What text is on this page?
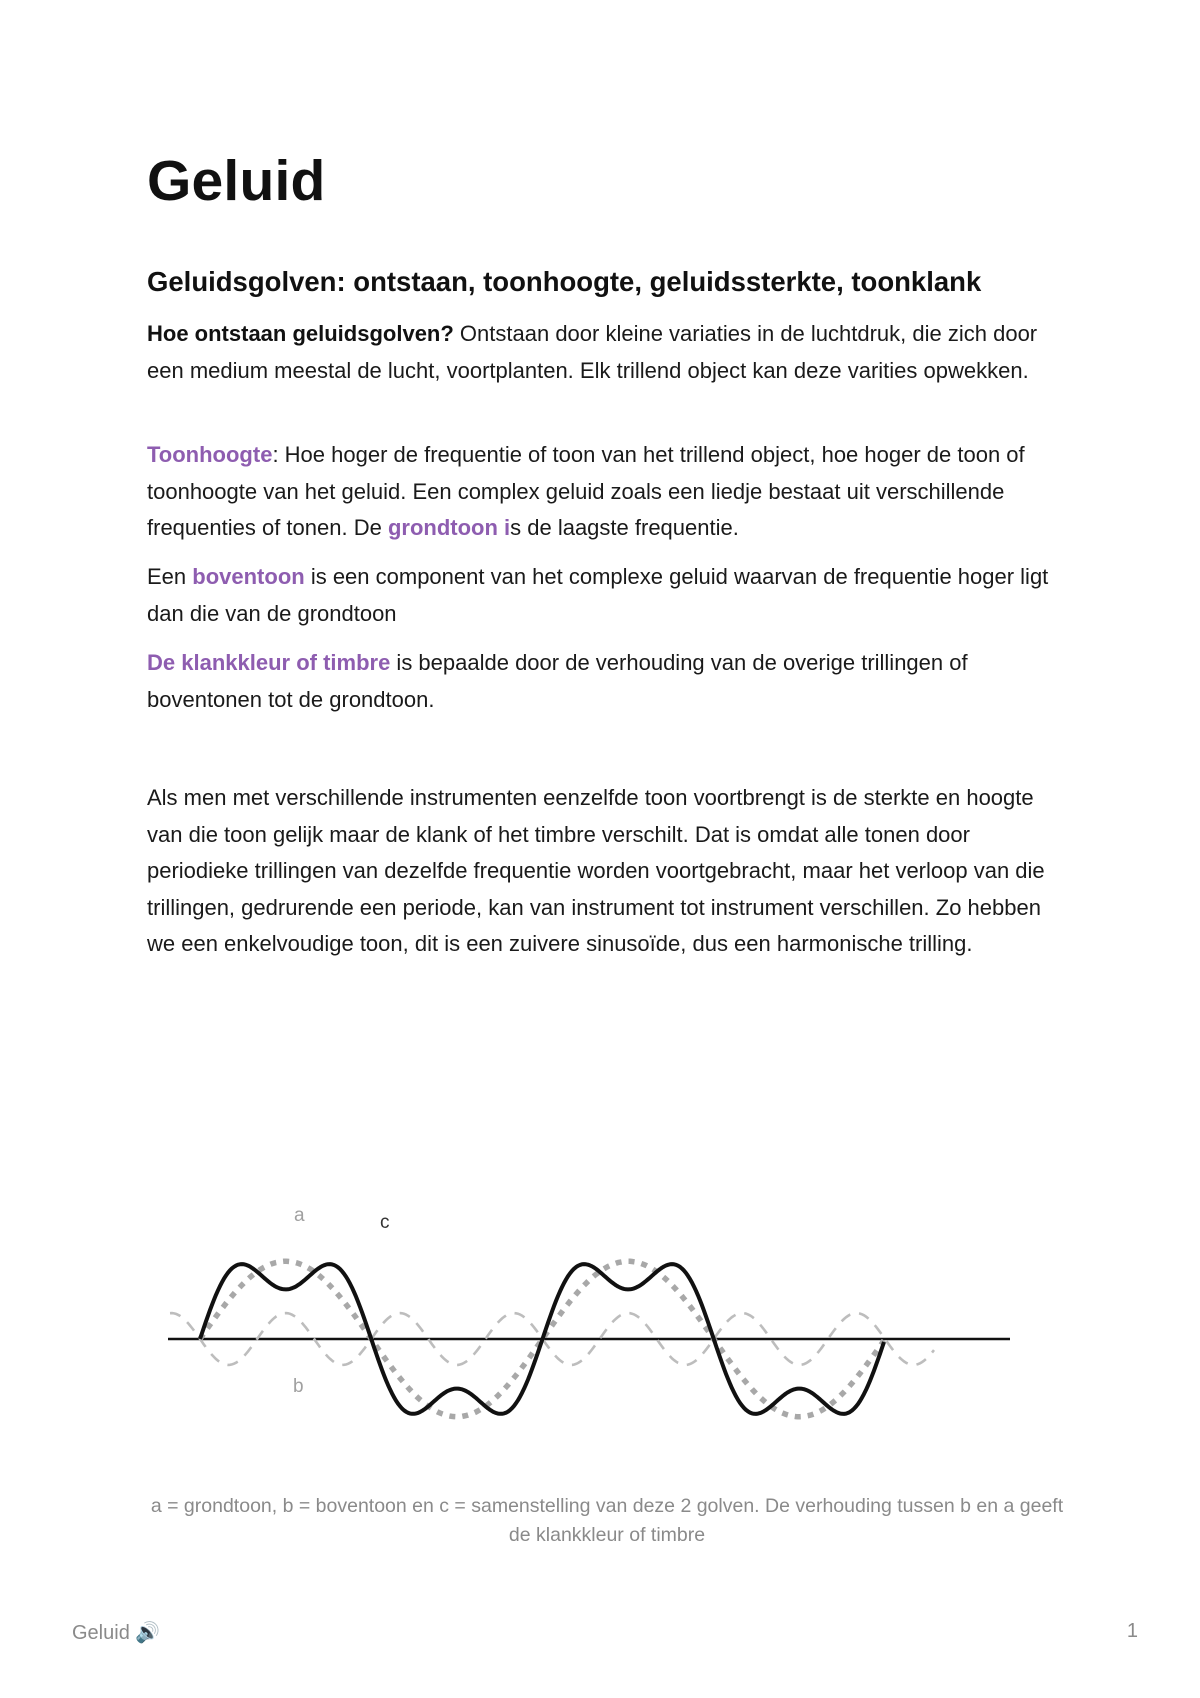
Geluid
Geluidsgolven: ontstaan, toonhoogte, geluidssterkte, toonklank

Hoe ontstaan geluidsgolven? Ontstaan door kleine variaties in de luchtdruk, die zich door een medium meestal de lucht, voortplanten. Elk trillend object kan deze varities opwekken.

Toonhoogte: Hoe hoger de frequentie of toon van het trillend object, hoe hoger de toon of toonhoogte van het geluid. Een complex geluid zoals een liedje bestaat uit verschillende frequenties of tonen. De grondtoon is de laagste frequentie.

Een boventoon is een component van het complexe geluid waarvan de frequentie hoger ligt dan die van de grondtoon

De klankkleur of timbre is bepaalde door de verhouding van de overige trillingen of boventonen tot de grondtoon.

Als men met verschillende instrumenten eenzelfde toon voortbrengt is de sterkte en hoogte van die toon gelijk maar de klank of het timbre verschilt. Dat is omdat alle tonen door periodieke trillingen van dezelfde frequentie worden voortgebracht, maar het verloop van die trillingen, gedrurende een periode, kan van instrument tot instrument verschillen. Zo hebben we een enkelvoudige toon, dit is een zuivere sinusoïde, dus een harmonische trilling.

a	c
b
a = grondtoon, b = boventoon en c = samenstelling van deze 2 golven. De verhouding tussen b en a geeft de klankkleur of timbre
Geluid 🔊	1
